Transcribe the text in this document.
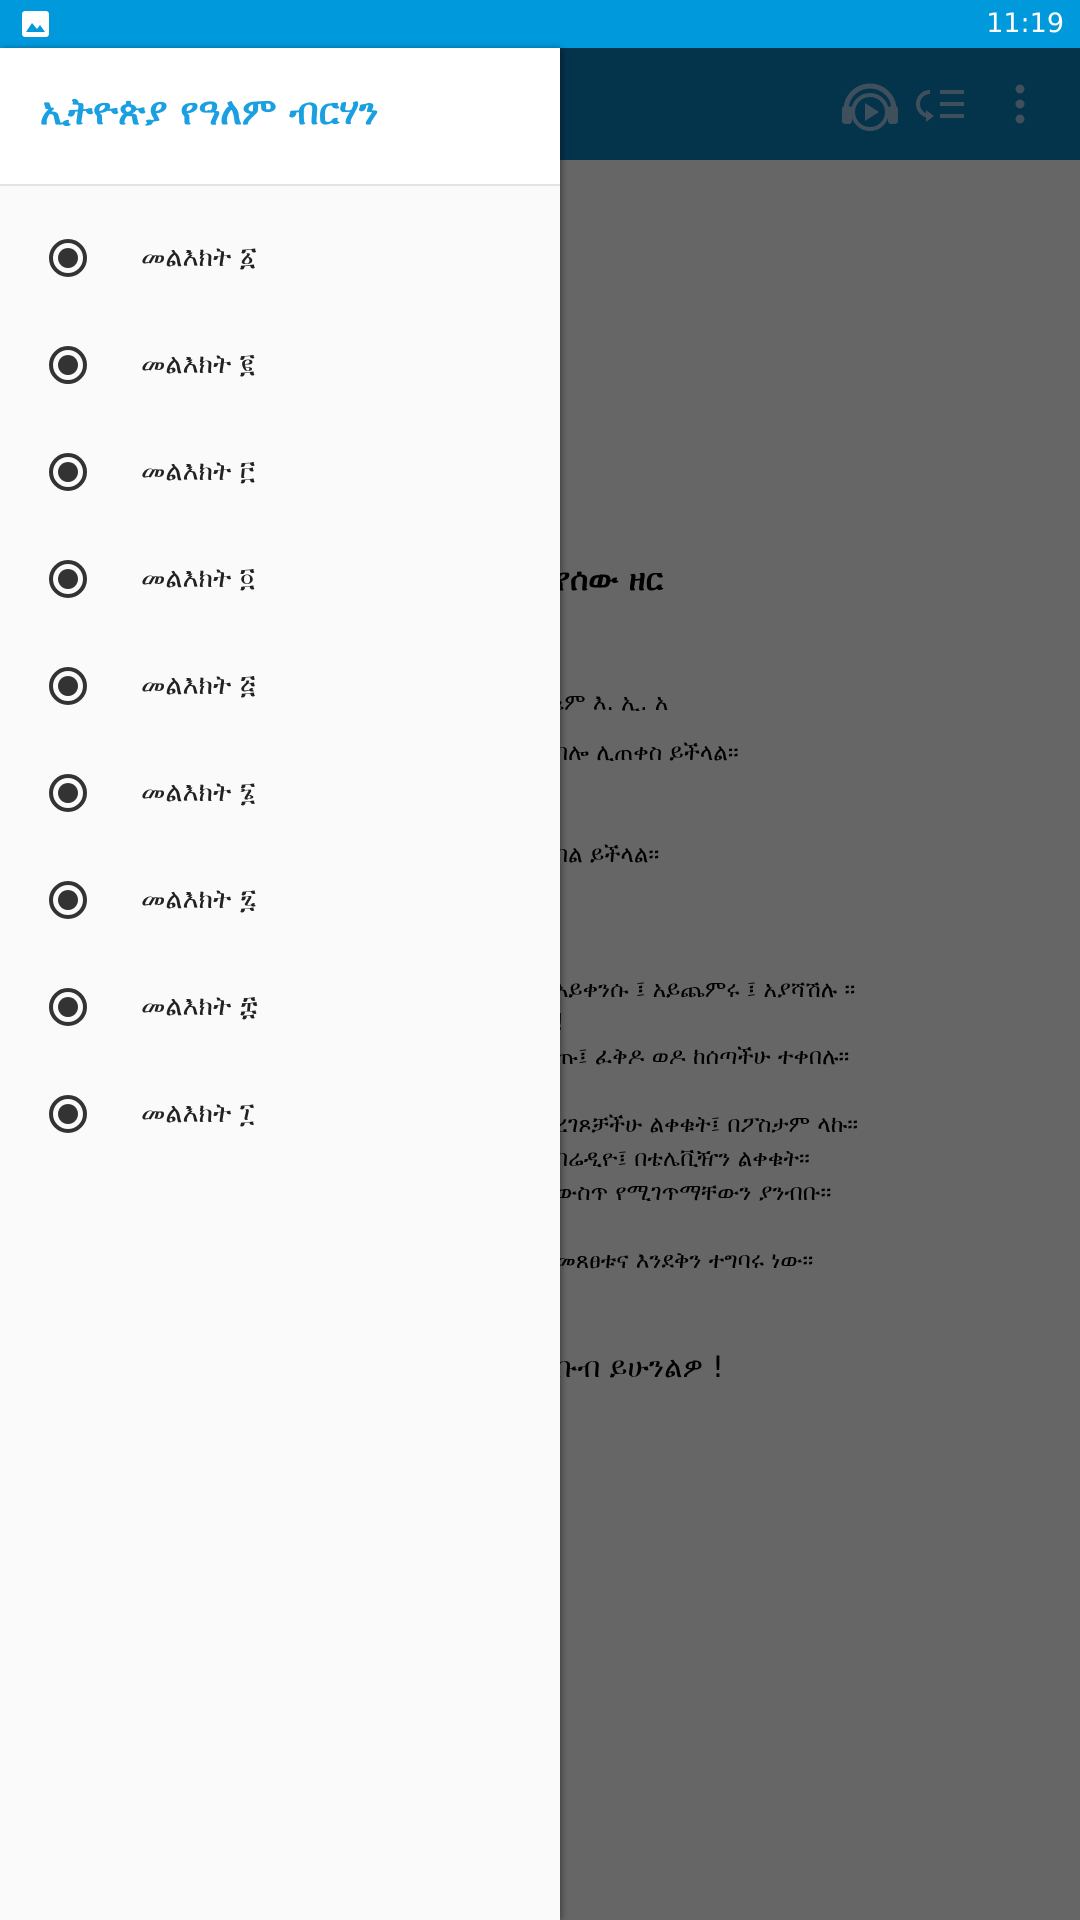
11:19
ኢትዮጵያ የዓለም ብርሃን
መልእክት ፩
መልእክት ፪
መልእክት ፫
መልእክት ፬
መልእክት ፭
መልእክት ፮
መልእክት ፯
መልእክት ፰
መልእክት ፲
